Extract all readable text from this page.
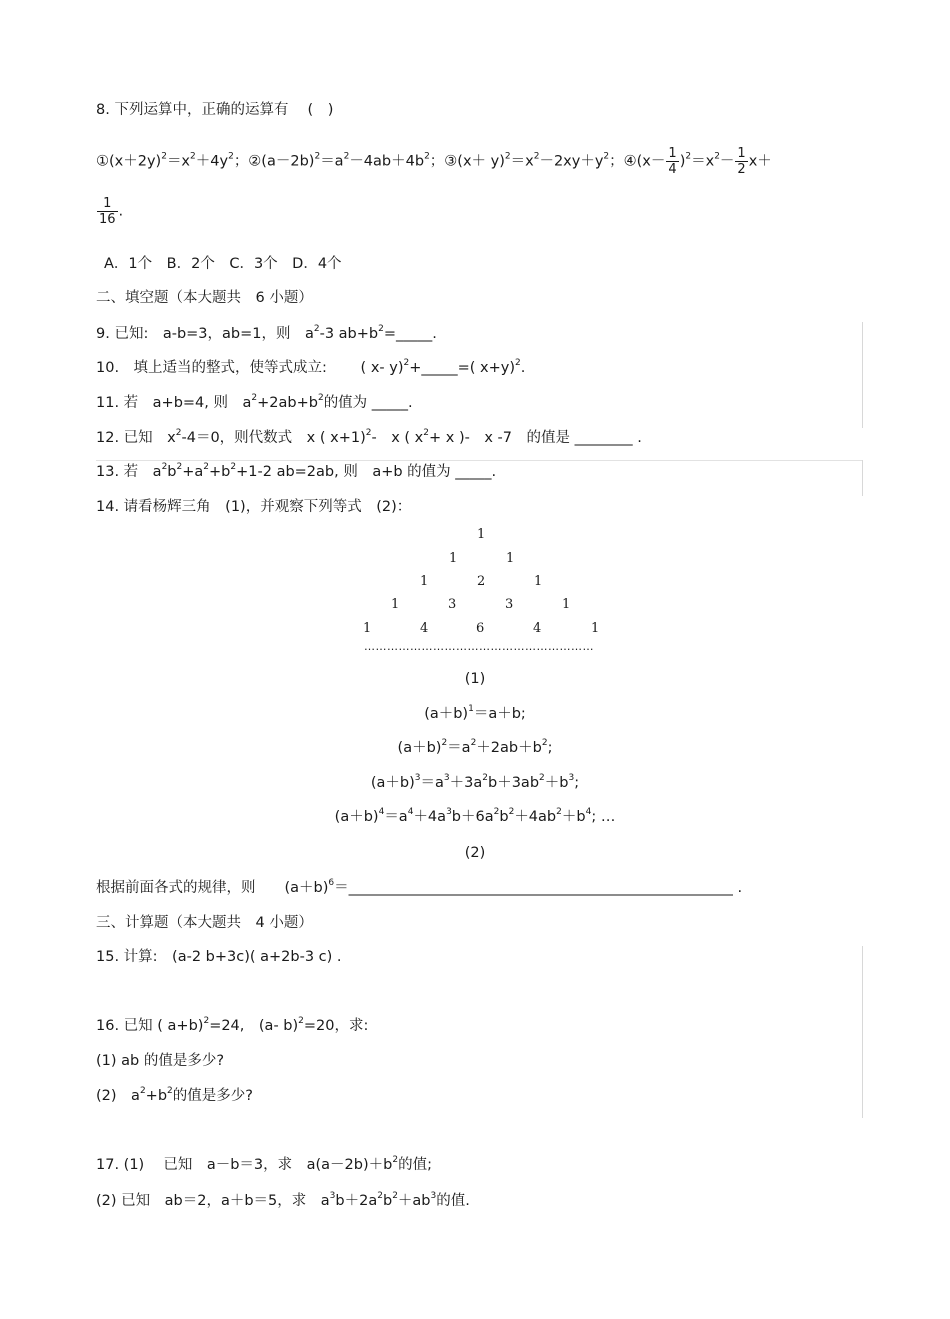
8. 下列运算中，正确的运算有　 (　)
$①(x+2y)^2=x^2+4y^2$；$②(a-2b)^2=a^2-4ab+4b^2$；③(x＋ $y)^2=x^2-2xy+y^2$；④(x－ $\frac{1}{4} )^2=x^2- \frac{1}{2} x+$
$\frac{1}{16}$ .
A．1个　B．2个　C．3个　D．4个
二、填空题（本大题共　6 小题）
9. 已知:　a-b=3，ab=1，则　$a^2-3$ $ab+b^2=\_\_\_\_\_$.
10.　填上适当的整式，使等式成立:　　 ( x- y)$^2$+_____=( x+y)$^2$.
11. 若　a+b=4, 则　$a^2+2ab+b^2$的值为 _____.
12. 已知　$x^2-4=0$，则代数式　x ( x+1)$^2$-　x ( $x^2+ x$ )-　x -7　的值是 ________ .
13. 若　$a^2b^2+a^2+b^2+1-2$ ab=2ab, 则　a+b 的值为 _____.
14. 请看杨辉三角　(1)，并观察下列等式　(2)：
1
1	1
1	2	1
1	3	3	1
1	4	6	4	1
……………………………………………………
(1)
$(a+b)^1=a+b$;
$(a+b)^2=a^2+2ab+b^2$;
$(a+b)^3=a^3+3a^2b+3ab^2+b^3$;
$(a+b)^4=a^4+4a^3b+6a^2b^2+4ab^2+b^4$; …
(2)
根据前面各式的规律，则　　$(a+b)^6=\_\_\_\_\_\_\_\_\_\_\_\_\_\_\_\_\_\_\_\_\_\_\_\_\_\_\_\_\_\_\_\_\_\_\_\_\_\_\_\_\_\_\_\_\_\_\_\_\_\_\_\_\_$ .
三、计算题（本大题共　4 小题）
15. 计算:　(a-2 b+3c)( a+2b-3 c) .
16. 已知 ( a+b)$^2$=24,　(a- b)$^2$=20，求:
(1) ab 的值是多少?
(2)　$a^2+b^2$的值是多少?
17. (1)　 已知　a－b＝3，求　$a(a-2b)+b^2$的值;
(2) 已知　ab＝2，a＋b＝5，求　$a^3b+2a^2b^2+ab^3$的值.
